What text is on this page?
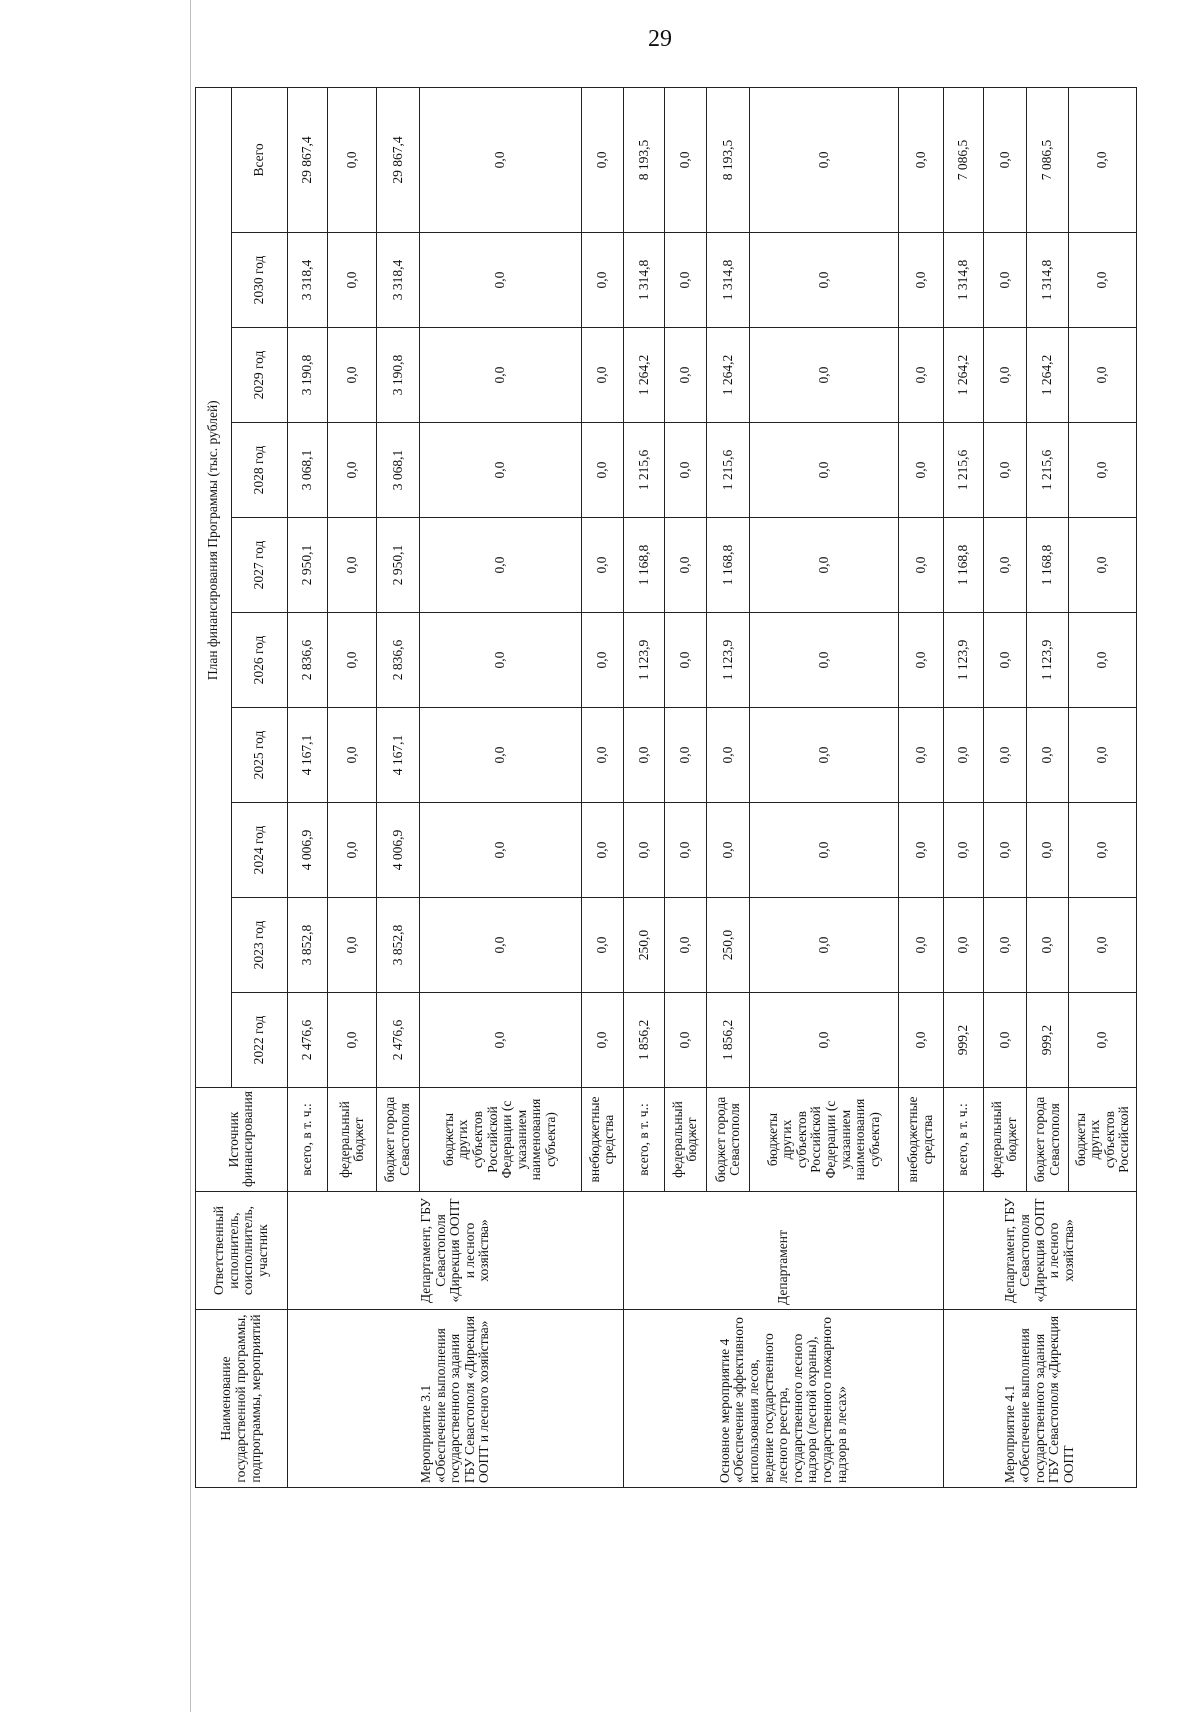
29
Наименование государственной программы, подпрограммы, мероприятий	Ответственный исполнитель, соисполнитель, участник	Источник финансирования		План финансирования Программы (тыс. рублей)								
			2022 год	2023 год	2024 год	2025 год	2026 год	2027 год	2028 год	2029 год	2030 год	Всего
Мероприятие 3.1 «Обеспечение выполнения государственного задания ГБУ Севастополя «Дирекция ООПТ и лесного хозяйства»	Департамент, ГБУ Севастополя «Дирекция ООПТ и лесного хозяйства»	всего, в т. ч.:	2 476,6	3 852,8	4 006,9	4 167,1	2 836,6	2 950,1	3 068,1	3 190,8	3 318,4	29 867,4
		федеральный бюджет	0,0	0,0	0,0	0,0	0,0	0,0	0,0	0,0	0,0	0,0
		бюджет города Севастополя	2 476,6	3 852,8	4 006,9	4 167,1	2 836,6	2 950,1	3 068,1	3 190,8	3 318,4	29 867,4
		бюджеты других субъектов Российской Федерации (с указанием наименования субъекта)	0,0	0,0	0,0	0,0	0,0	0,0	0,0	0,0	0,0	0,0
		внебюджетные средства	0,0	0,0	0,0	0,0	0,0	0,0	0,0	0,0	0,0	0,0
Основное мероприятие 4 «Обеспечение эффективного использования лесов, ведение государственного лесного реестра, государственного лесного надзора (лесной охраны), государственного пожарного надзора в лесах»	Департамент	всего, в т. ч.:	1 856,2	250,0	0,0	0,0	1 123,9	1 168,8	1 215,6	1 264,2	1 314,8	8 193,5
		федеральный бюджет	0,0	0,0	0,0	0,0	0,0	0,0	0,0	0,0	0,0	0,0
		бюджет города Севастополя	1 856,2	250,0	0,0	0,0	1 123,9	1 168,8	1 215,6	1 264,2	1 314,8	8 193,5
		бюджеты других субъектов Российской Федерации (с указанием наименования субъекта)	0,0	0,0	0,0	0,0	0,0	0,0	0,0	0,0	0,0	0,0
		внебюджетные средства	0,0	0,0	0,0	0,0	0,0	0,0	0,0	0,0	0,0	0,0
Мероприятие 4.1 «Обеспечение выполнения государственного задания ГБУ Севастополя «Дирекция ООПТ	Департамент, ГБУ Севастополя «Дирекция ООПТ и лесного хозяйства»	всего, в т. ч.:	999,2	0,0	0,0	0,0	1 123,9	1 168,8	1 215,6	1 264,2	1 314,8	7 086,5
		федеральный бюджет	0,0	0,0	0,0	0,0	0,0	0,0	0,0	0,0	0,0	0,0
		бюджет города Севастополя	999,2	0,0	0,0	0,0	1 123,9	1 168,8	1 215,6	1 264,2	1 314,8	7 086,5
		бюджеты других субъектов Российской	0,0	0,0	0,0	0,0	0,0	0,0	0,0	0,0	0,0	0,0
